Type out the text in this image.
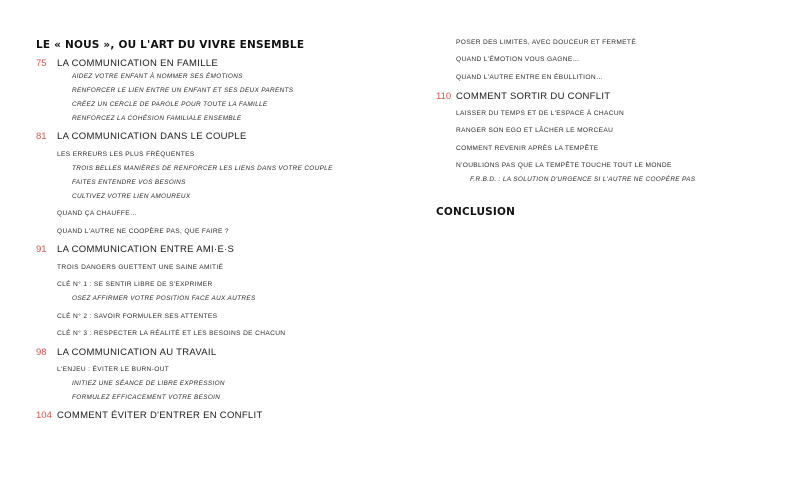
LE « NOUS », OU L'ART DU VIVRE ENSEMBLE
75 LA COMMUNICATION EN FAMILLE
AIDEZ VOTRE ENFANT À NOMMER SES ÉMOTIONS
RENFORCER LE LIEN ENTRE UN ENFANT ET SES DEUX PARENTS
CRÉEZ UN CERCLE DE PAROLE POUR TOUTE LA FAMILLE
RENFORCEZ LA COHÉSION FAMILIALE ENSEMBLE
81 LA COMMUNICATION DANS LE COUPLE
LES ERREURS LES PLUS FRÉQUENTES
TROIS BELLES MANIÈRES DE RENFORCER LES LIENS DANS VOTRE COUPLE
FAITES ENTENDRE VOS BESOINS
CULTIVEZ VOTRE LIEN AMOUREUX
QUAND ÇA CHAUFFE…
QUAND L'AUTRE NE COOPÈRE PAS, QUE FAIRE ?
91 LA COMMUNICATION ENTRE AMI·E·S
TROIS DANGERS GUETTENT UNE SAINE AMITIÉ
CLÉ N° 1 : SE SENTIR LIBRE DE S'EXPRIMER
OSEZ AFFIRMER VOTRE POSITION FACE AUX AUTRES
CLÉ N° 2 : SAVOIR FORMULER SES ATTENTES
CLÉ N° 3 : RESPECTER LA RÉALITÉ ET LES BESOINS DE CHACUN
98 LA COMMUNICATION AU TRAVAIL
L'ENJEU : ÉVITER LE BURN-OUT
INITIEZ UNE SÉANCE DE LIBRE EXPRESSION
FORMULEZ EFFICACEMENT VOTRE BESOIN
104 COMMENT ÉVITER D'ENTRER EN CONFLIT
POSER DES LIMITES, AVEC DOUCEUR ET FERMETÉ
QUAND L'ÉMOTION VOUS GAGNE…
QUAND L'AUTRE ENTRE EN ÉBULLITION…
110 COMMENT SORTIR DU CONFLIT
LAISSER DU TEMPS ET DE L'ESPACE À CHACUN
RANGER SON EGO ET LÂCHER LE MORCEAU
COMMENT REVENIR APRÈS LA TEMPÊTE
N'OUBLIONS PAS QUE LA TEMPÊTE TOUCHE TOUT LE MONDE
F.R.B.D. : LA SOLUTION D'URGENCE SI L'AUTRE NE COOPÈRE PAS
CONCLUSION
